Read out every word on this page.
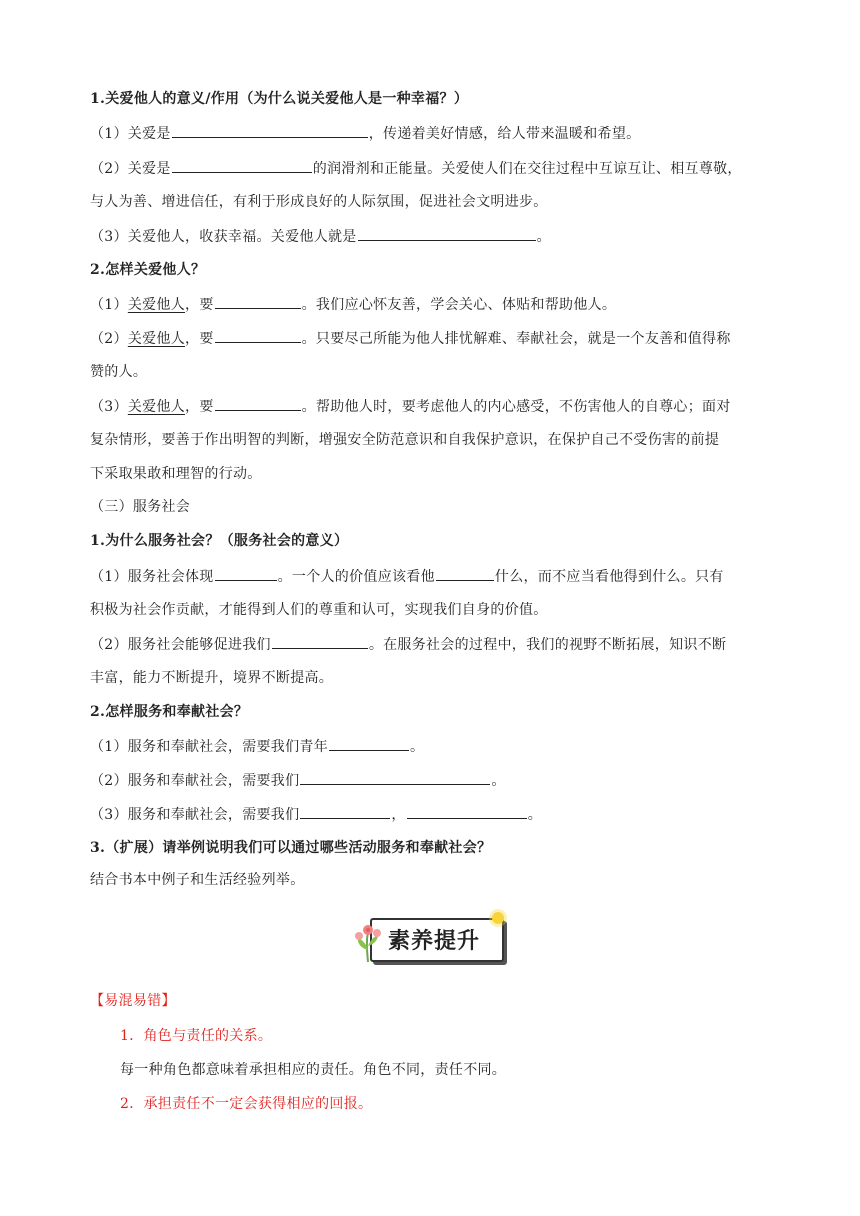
1.关爱他人的意义/作用（为什么说关爱他人是一种幸福？）
（1）关爱是	，传递着美好情感，给人带来温暖和希望。
（2）关爱是	的润滑剂和正能量。关爱使人们在交往过程中互谅互让、相互尊敬，
与人为善、增进信任，有利于形成良好的人际氛围，促进社会文明进步。
（3）关爱他人，收获幸福。关爱他人就是	。
2.怎样关爱他人？
（1）关爱他人，要	。我们应心怀友善，学会关心、体贴和帮助他人。
（2）关爱他人，要	。只要尽己所能为他人排忧解难、奉献社会，就是一个友善和值得称
赞的人。
（3）关爱他人，要	。帮助他人时，要考虑他人的内心感受，不伤害他人的自尊心；面对
复杂情形，要善于作出明智的判断，增强安全防范意识和自我保护意识，在保护自己不受伤害的前提
下采取果敢和理智的行动。
（三）服务社会
1.为什么服务社会？（服务社会的意义）
（1）服务社会体现	。一个人的价值应该看他	什么，而不应当看他得到什么。只有
积极为社会作贡献，才能得到人们的尊重和认可，实现我们自身的价值。
（2）服务社会能够促进我们	。在服务社会的过程中，我们的视野不断拓展，知识不断
丰富，能力不断提升，境界不断提高。
2.怎样服务和奉献社会？
（1）服务和奉献社会，需要我们青年	。
（2）服务和奉献社会，需要我们	。
（3）服务和奉献社会，需要我们	，	。
3.（扩展）请举例说明我们可以通过哪些活动服务和奉献社会？
结合书本中例子和生活经验列举。
素养提升
【易混易错】
1．角色与责任的关系。
每一种角色都意味着承担相应的责任。角色不同，责任不同。
2．承担责任不一定会获得相应的回报。
